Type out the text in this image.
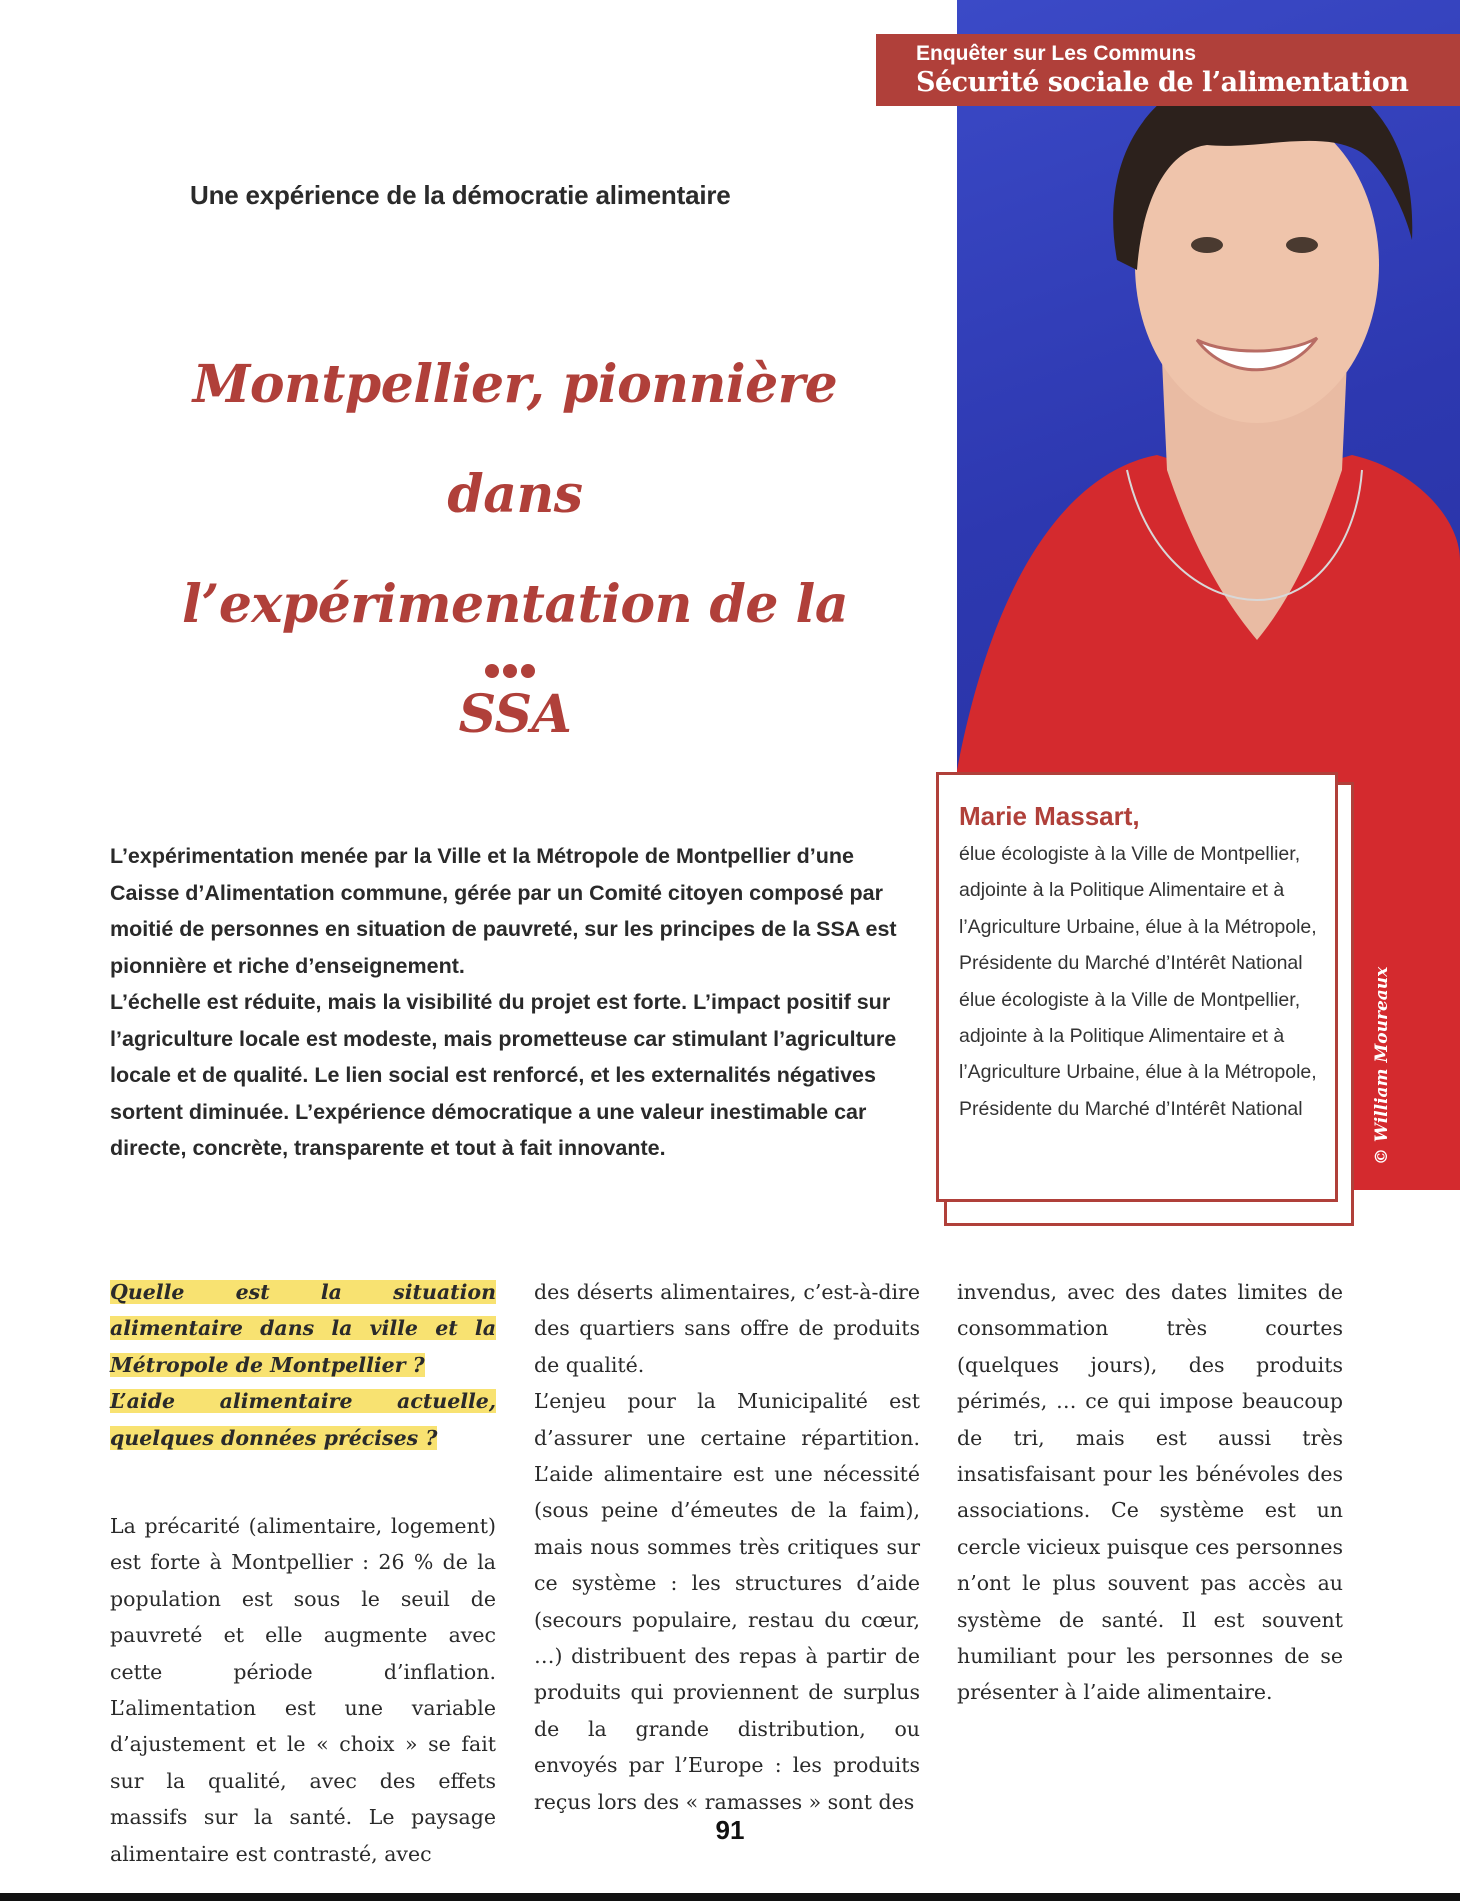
Enquêter sur Les Communs
Sécurité sociale de l’alimentation
© William Moureaux
Une expérience de la démocratie alimentaire
Montpellier, pionnière dans
l’expérimentation de la SSA

L’expérimentation menée par la Ville et la Métropole de Montpellier d’une Caisse d’Alimentation commune, gérée par un Comité citoyen composé par moitié de personnes en situation de pauvreté, sur les principes de la SSA est pionnière et riche d’enseignement.

L’échelle est réduite, mais la visibilité du projet est forte. L’impact positif sur l’agriculture locale est modeste, mais prometteuse car stimulant l’agriculture locale et de qualité. Le lien social est renforcé, et les externalités négatives sortent diminuée. L’expérience démocratique a une valeur inestimable car directe, concrète, transparente et tout à fait innovante.

Marie Massart,
élue écologiste à la Ville de Montpellier, adjointe à la Politique Alimentaire et à l’Agriculture Urbaine, élue à la Métropole, Présidente du Marché d’Intérêt National élue écologiste à la Ville de Montpellier, adjointe à la Politique Alimentaire et à l’Agriculture Urbaine, élue à la Métropole, Présidente du Marché d’Intérêt National

Quelle est la situation alimentaire dans la ville et la Métropole de Montpellier ?
L’aide alimentaire actuelle, quelques données précises ?

La précarité (alimentaire, logement) est forte à Montpellier : 26 % de la population est sous le seuil de pauvreté et elle augmente avec cette période d’inflation. L’alimentation est une variable d’ajustement et le « choix » se fait sur la qualité, avec des effets massifs sur la santé. Le paysage alimentaire est contrasté, avec

des déserts alimentaires, c’est-à-dire des quartiers sans offre de produits de qualité.

L’enjeu pour la Municipalité est d’assurer une certaine répartition. L’aide alimentaire est une nécessité (sous peine d’émeutes de la faim), mais nous sommes très critiques sur ce système : les structures d’aide (secours populaire, restau du cœur, …) distribuent des repas à partir de produits qui proviennent de surplus de la grande distribution, ou envoyés par l’Europe : les produits reçus lors des « ramasses » sont des

invendus, avec des dates limites de consommation très courtes (quelques jours), des produits périmés, … ce qui impose beaucoup de tri, mais est aussi très insatisfaisant pour les bénévoles des associations. Ce système est un cercle vicieux puisque ces personnes n’ont le plus souvent pas accès au système de santé. Il est souvent humiliant pour les personnes de se présenter à l’aide alimentaire.

91
